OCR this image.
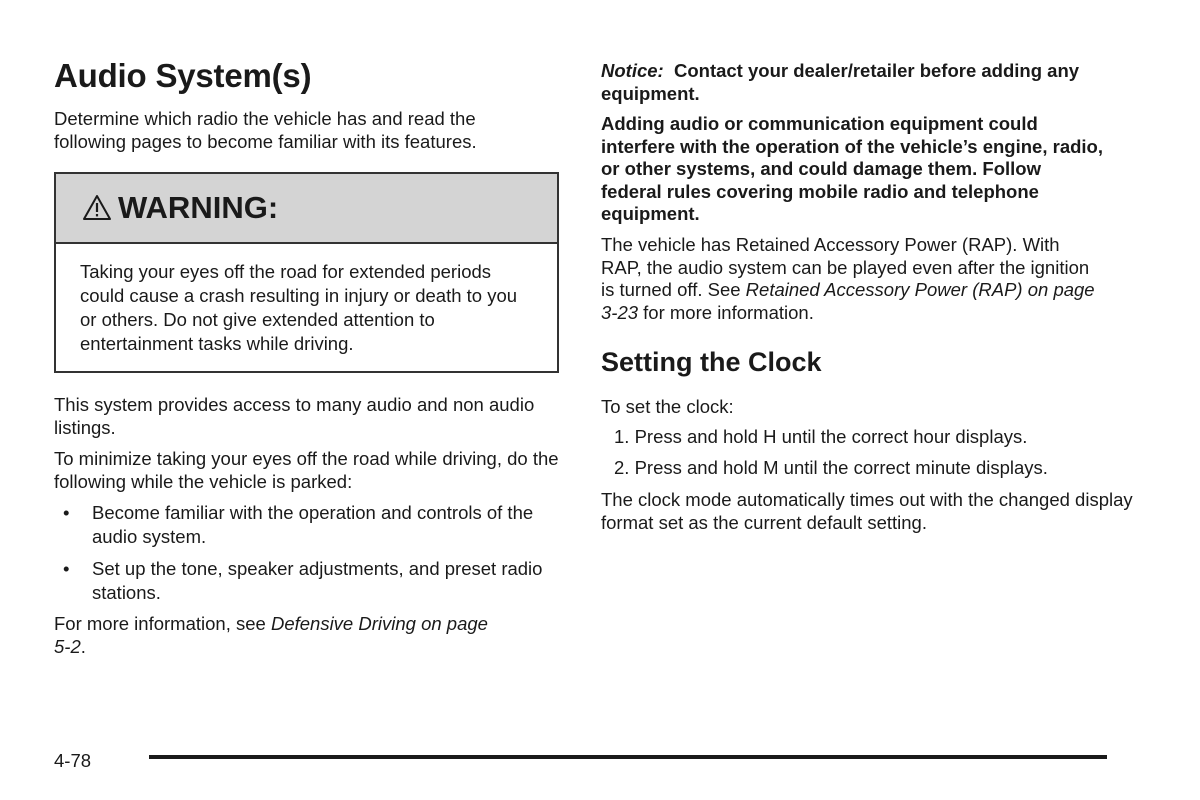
Audio System(s)

Determine which radio the vehicle has and read the following pages to become familiar with its features.

WARNING:

Taking your eyes off the road for extended periods could cause a crash resulting in injury or death to you or others. Do not give extended attention to entertainment tasks while driving.

This system provides access to many audio and non audio listings.

To minimize taking your eyes off the road while driving, do the following while the vehicle is parked:

• Become familiar with the operation and controls of the audio system.
• Set up the tone, speaker adjustments, and preset radio stations.

For more information, see Defensive Driving on page 5-2.

Notice: Contact your dealer/retailer before adding any equipment.

Adding audio or communication equipment could interfere with the operation of the vehicle’s engine, radio, or other systems, and could damage them. Follow federal rules covering mobile radio and telephone equipment.

The vehicle has Retained Accessory Power (RAP). With RAP, the audio system can be played even after the ignition is turned off. See Retained Accessory Power (RAP) on page 3-23 for more information.

Setting the Clock

To set the clock:

1. Press and hold H until the correct hour displays.
2. Press and hold M until the correct minute displays.

The clock mode automatically times out with the changed display format set as the current default setting.

4-78
